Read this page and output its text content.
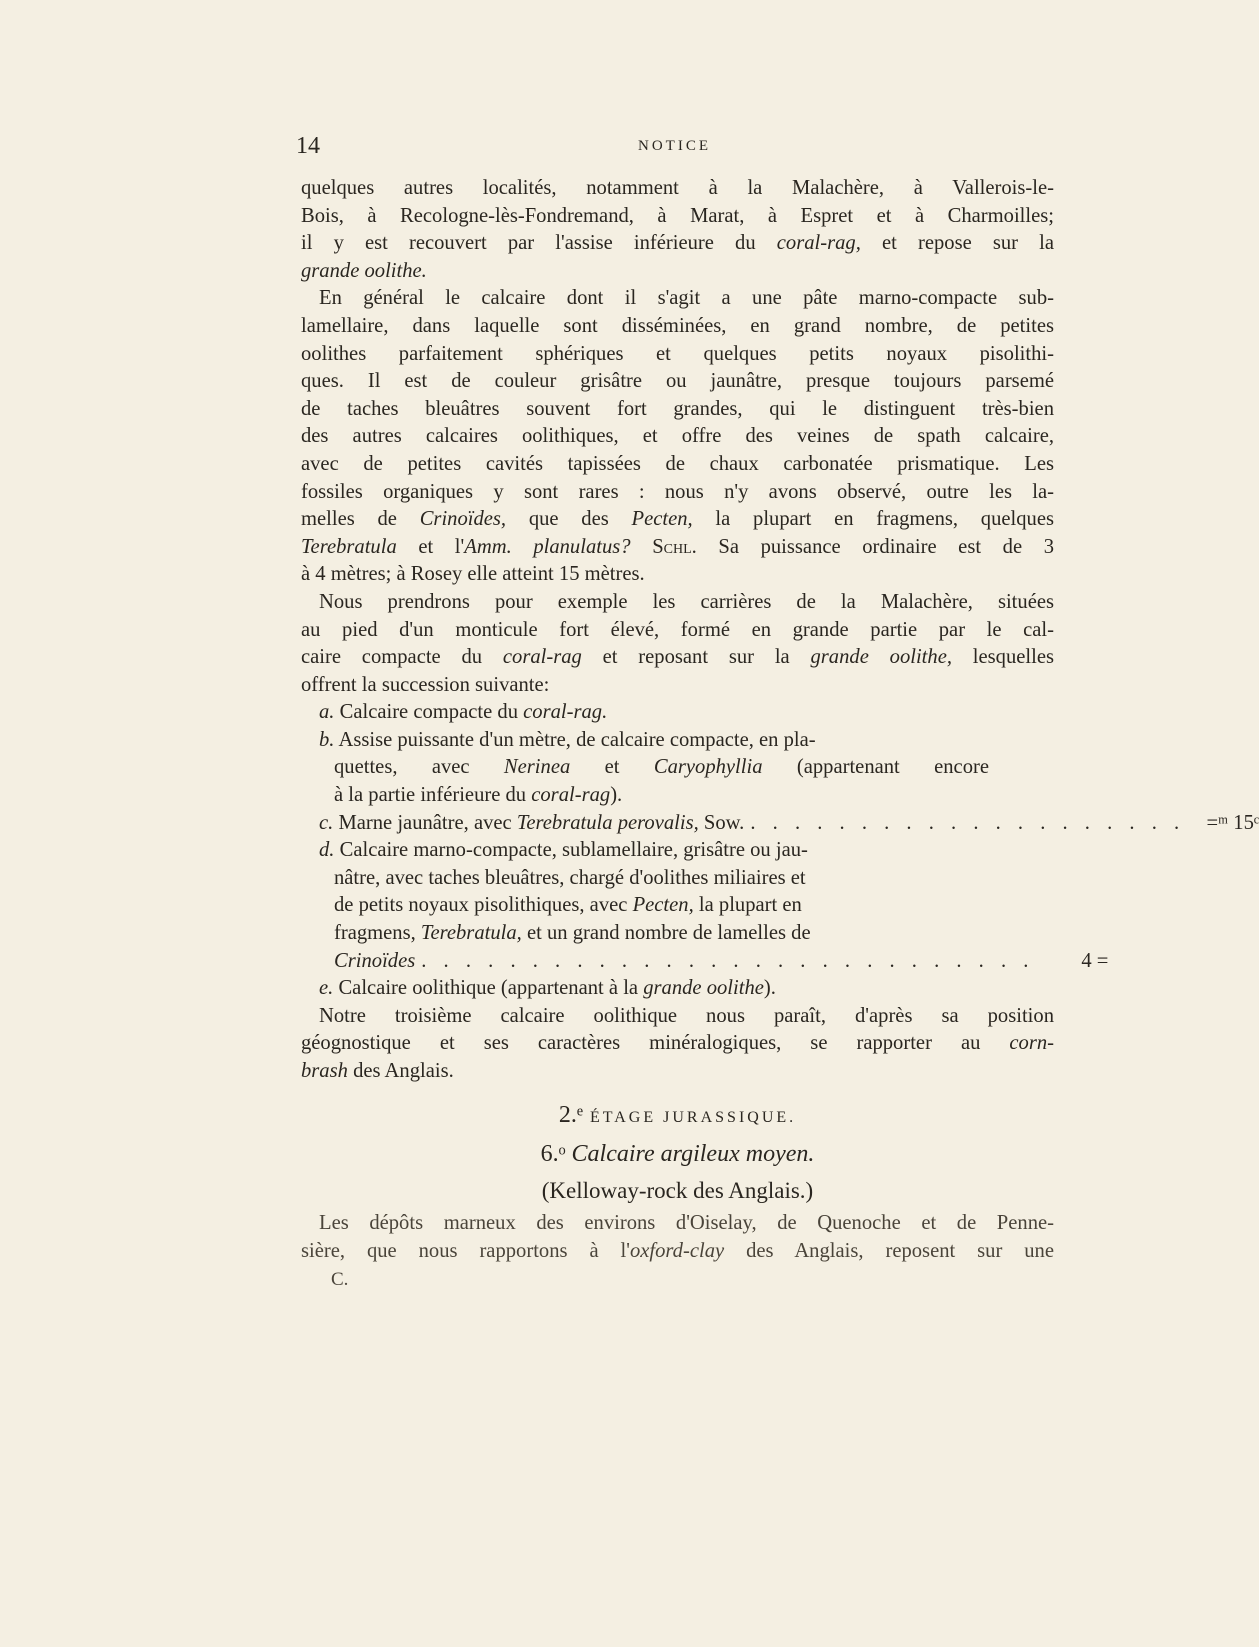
14	NOTICE
quelques autres localités, notamment à la Malachère, à Vallerois-le-
Bois, à Recologne-lès-Fondremand, à Marat, à Espret et à Charmoilles;
il y est recouvert par l'assise inférieure du coral-rag, et repose sur la
grande oolithe.
En général le calcaire dont il s'agit a une pâte marno-compacte sub-
lamellaire, dans laquelle sont disséminées, en grand nombre, de petites
oolithes parfaitement sphériques et quelques petits noyaux pisolithi-
ques. Il est de couleur grisâtre ou jaunâtre, presque toujours parsemé
de taches bleuâtres souvent fort grandes, qui le distinguent très-bien
des autres calcaires oolithiques, et offre des veines de spath calcaire,
avec de petites cavités tapissées de chaux carbonatée prismatique. Les
fossiles organiques y sont rares : nous n'y avons observé, outre les la-
melles de Crinoïdes, que des Pecten, la plupart en fragmens, quelques
Terebratula et l'Amm. planulatus? Schl. Sa puissance ordinaire est de 3
à 4 mètres; à Rosey elle atteint 15 mètres.
Nous prendrons pour exemple les carrières de la Malachère, situées
au pied d'un monticule fort élevé, formé en grande partie par le cal-
caire compacte du coral-rag et reposant sur la grande oolithe, lesquelles
offrent la succession suivante:
a. Calcaire compacte du coral-rag.
b. Assise puissante d'un mètre, de calcaire compacte, en pla-
quettes, avec Nerinea et Caryophyllia (appartenant encore
à la partie inférieure du coral-rag).
c. Marne jaunâtre, avec Terebratula perovalis, Sow. . . . . . . . . . . . . . . . . . . . .	=ᵐ 15ᶜ
d. Calcaire marno-compacte, sublamellaire, grisâtre ou jau-
nâtre, avec taches bleuâtres, chargé d'oolithes miliaires et
de petits noyaux pisolithiques, avec Pecten, la plupart en
fragmens, Terebratula, et un grand nombre de lamelles de
Crinoïdes . . . . . . . . . . . . . . . . . . . . . . . . . . . .	4 =
e. Calcaire oolithique (appartenant à la grande oolithe).
Notre troisième calcaire oolithique nous paraît, d'après sa position
géognostique et ses caractères minéralogiques, se rapporter au corn-
brash des Anglais.
2.ᵉ ÉTAGE JURASSIQUE.
6.ᵒ Calcaire argileux moyen.
(Kelloway-rock des Anglais.)
Les dépôts marneux des environs d'Oiselay, de Quenoche et de Penne-
sière, que nous rapportons à l'oxford-clay des Anglais, reposent sur une
C.
